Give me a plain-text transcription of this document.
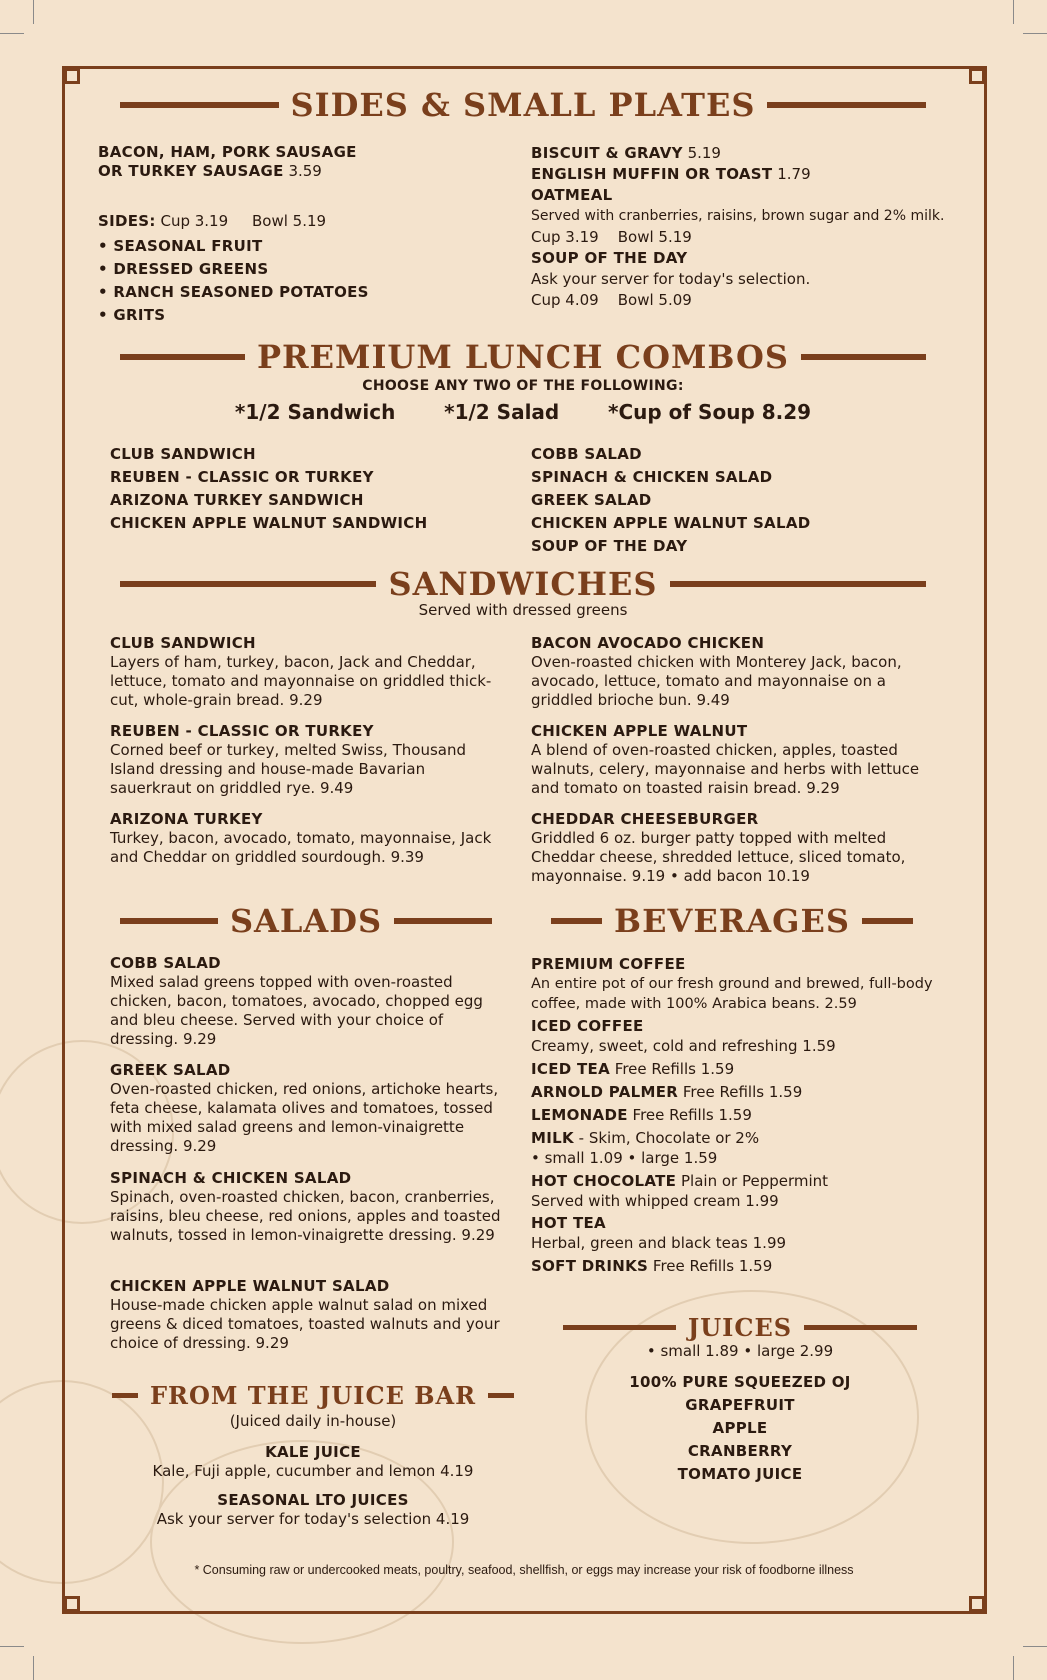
SIDES & SMALL PLATES
BACON, HAM, PORK SAUSAGE
OR TURKEY SAUSAGE 3.59
SIDES: Cup 3.19 Bowl 5.19
• SEASONAL FRUIT
• DRESSED GREENS
• RANCH SEASONED POTATOES
• GRITS
BISCUIT & GRAVY 5.19
ENGLISH MUFFIN OR TOAST 1.79
OATMEAL
Served with cranberries, raisins, brown sugar and 2% milk.
Cup 3.19 Bowl 5.19
SOUP OF THE DAY
Ask your server for today's selection.
Cup 4.09 Bowl 5.09
PREMIUM LUNCH COMBOS
CHOOSE ANY TWO OF THE FOLLOWING:
*1/2 Sandwich *1/2 Salad *Cup of Soup 8.29
CLUB SANDWICH
REUBEN - CLASSIC OR TURKEY
ARIZONA TURKEY SANDWICH
CHICKEN APPLE WALNUT SANDWICH
COBB SALAD
SPINACH & CHICKEN SALAD
GREEK SALAD
CHICKEN APPLE WALNUT SALAD
SOUP OF THE DAY
SANDWICHES
Served with dressed greens
CLUB SANDWICH
Layers of ham, turkey, bacon, Jack and Cheddar, lettuce, tomato and mayonnaise on griddled thick-cut, whole-grain bread. 9.29
REUBEN - CLASSIC OR TURKEY
Corned beef or turkey, melted Swiss, Thousand Island dressing and house-made Bavarian sauerkraut on griddled rye. 9.49
ARIZONA TURKEY
Turkey, bacon, avocado, tomato, mayonnaise, Jack and Cheddar on griddled sourdough. 9.39
BACON AVOCADO CHICKEN
Oven-roasted chicken with Monterey Jack, bacon, avocado, lettuce, tomato and mayonnaise on a griddled brioche bun. 9.49
CHICKEN APPLE WALNUT
A blend of oven-roasted chicken, apples, toasted walnuts, celery, mayonnaise and herbs with lettuce and tomato on toasted raisin bread. 9.29
CHEDDAR CHEESEBURGER
Griddled 6 oz. burger patty topped with melted Cheddar cheese, shredded lettuce, sliced tomato, mayonnaise. 9.19 • add bacon 10.19
SALADS
COBB SALAD
Mixed salad greens topped with oven-roasted chicken, bacon, tomatoes, avocado, chopped egg and bleu cheese. Served with your choice of dressing. 9.29
GREEK SALAD
Oven-roasted chicken, red onions, artichoke hearts, feta cheese, kalamata olives and tomatoes, tossed with mixed salad greens and lemon-vinaigrette dressing. 9.29
SPINACH & CHICKEN SALAD
Spinach, oven-roasted chicken, bacon, cranberries, raisins, bleu cheese, red onions, apples and toasted walnuts, tossed in lemon-vinaigrette dressing. 9.29
CHICKEN APPLE WALNUT SALAD
House-made chicken apple walnut salad on mixed greens & diced tomatoes, toasted walnuts and your choice of dressing. 9.29
BEVERAGES
PREMIUM COFFEE
An entire pot of our fresh ground and brewed, full-body coffee, made with 100% Arabica beans. 2.59
ICED COFFEE
Creamy, sweet, cold and refreshing 1.59
ICED TEA Free Refills 1.59
ARNOLD PALMER Free Refills 1.59
LEMONADE Free Refills 1.59
MILK - Skim, Chocolate or 2%
• small 1.09 • large 1.59
HOT CHOCOLATE Plain or Peppermint
Served with whipped cream 1.99
HOT TEA
Herbal, green and black teas 1.99
SOFT DRINKS Free Refills 1.59
JUICES
• small 1.89 • large 2.99
100% PURE SQUEEZED OJ
GRAPEFRUIT
APPLE
CRANBERRY
TOMATO JUICE
FROM THE JUICE BAR
(Juiced daily in-house)
KALE JUICE
Kale, Fuji apple, cucumber and lemon 4.19
SEASONAL LTO JUICES
Ask your server for today's selection 4.19
* Consuming raw or undercooked meats, poultry, seafood, shellfish, or eggs may increase your risk of foodborne illness
